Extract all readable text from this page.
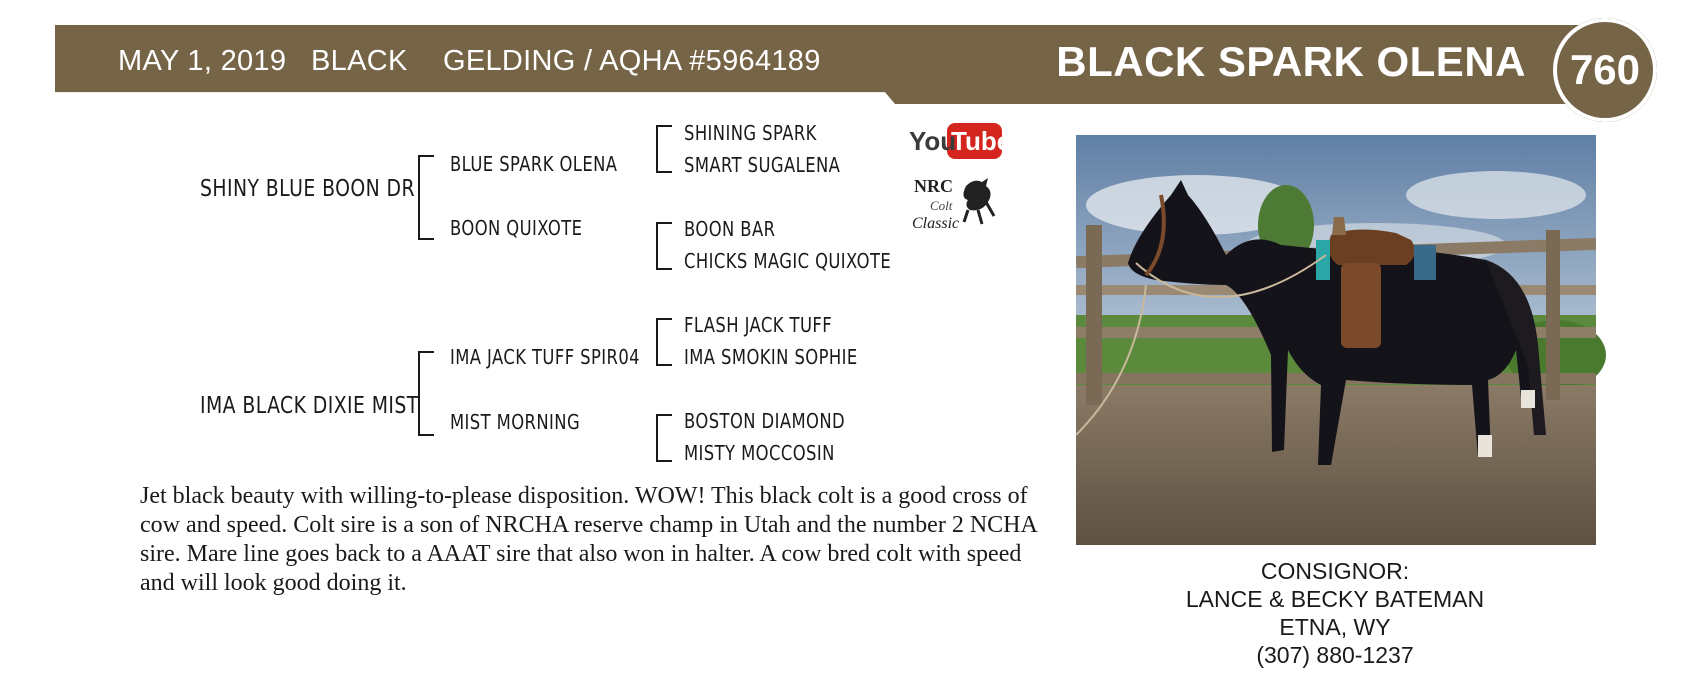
MAY 1, 2019 BLACK GELDING / AQHA #5964189	BLACK SPARK OLENA	760
SHINY BLUE BOON DR
BLUE SPARK OLENA
BOON QUIXOTE
SHINING SPARK
SMART SUGALENA
BOON BAR
CHICKS MAGIC QUIXOTE
IMA BLACK DIXIE MIST
IMA JACK TUFF SPIR04
MIST MORNING
FLASH JACK TUFF
IMA SMOKIN SOPHIE
BOSTON DIAMOND
MISTY MOCCOSIN
You
Tube
N R C
Colt
Classic
Jet black beauty with willing-to-please disposition. WOW! This black colt is a good cross of cow and speed. Colt sire is a son of NRCHA reserve champ in Utah and the number 2 NCHA sire. Mare line goes back to a AAAT sire that also won in halter. A cow bred colt with speed and will look good doing it.	CONSIGNOR:
LANCE & BECKY BATEMAN
ETNA, WY
(307) 880-1237
